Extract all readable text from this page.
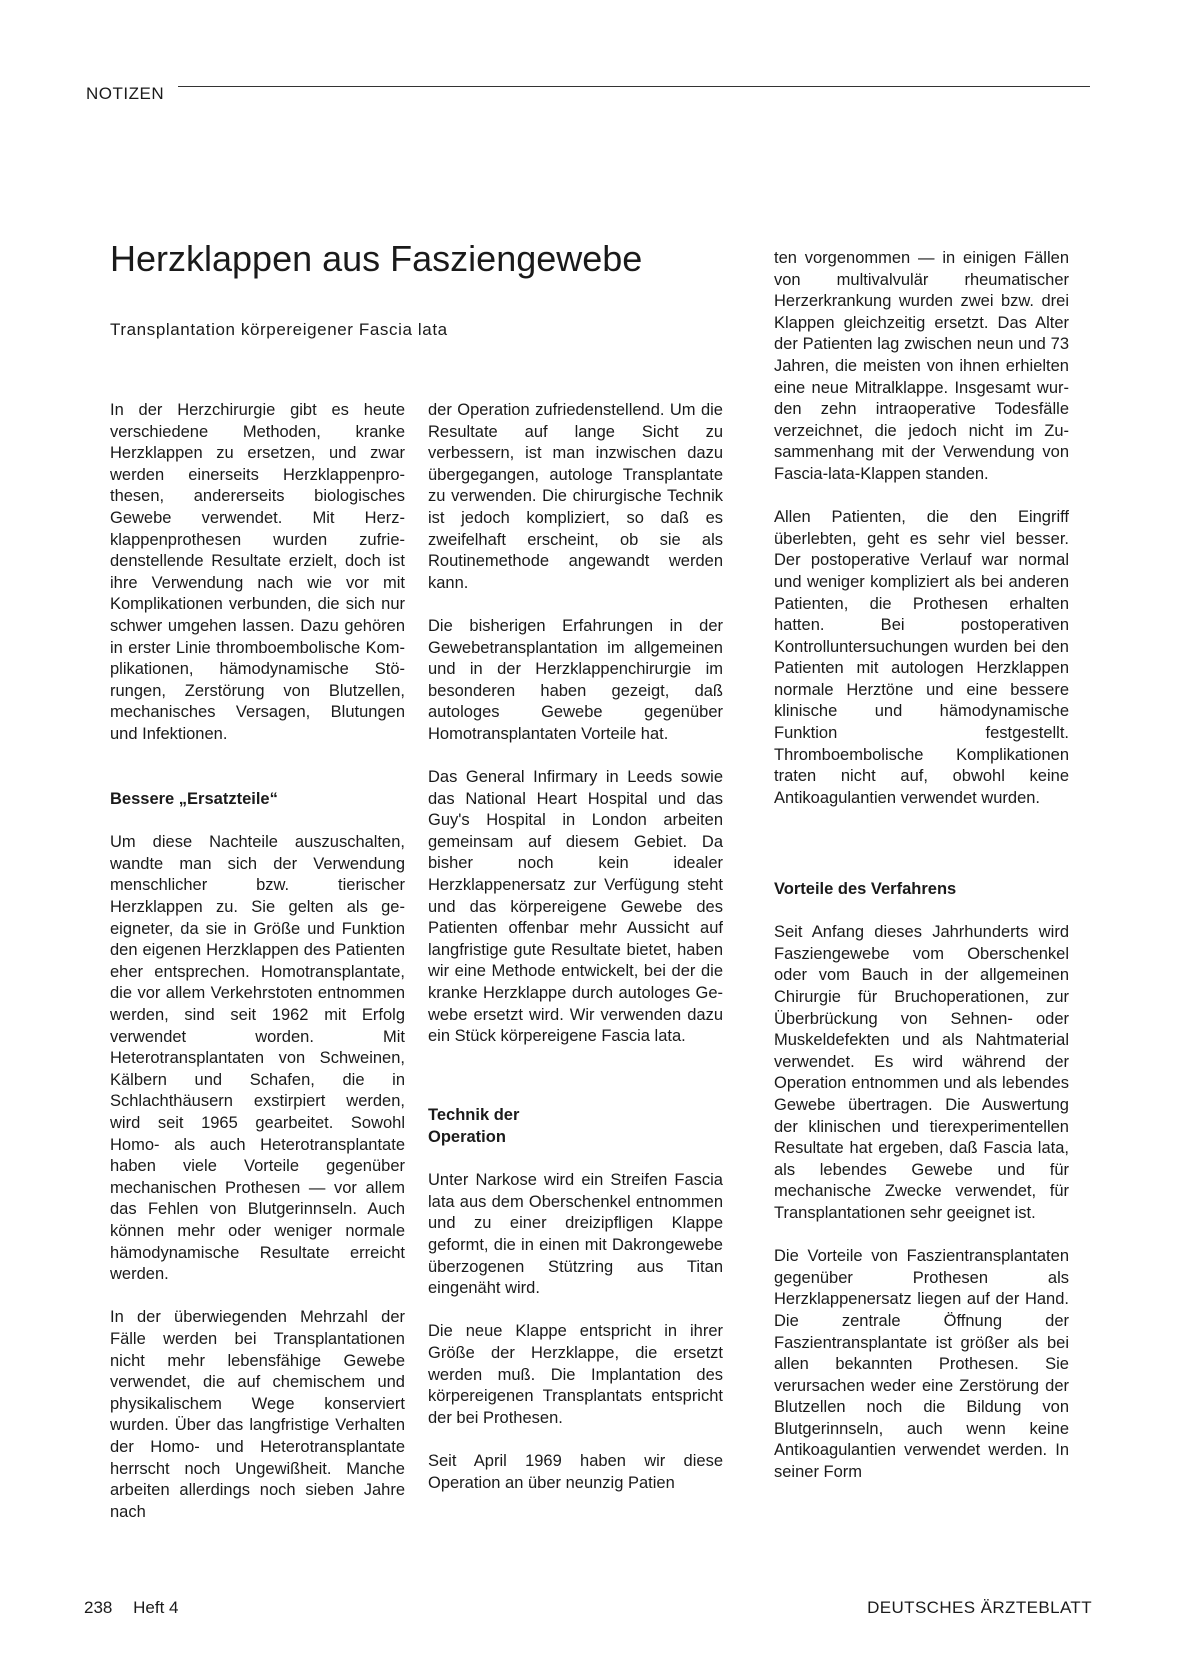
NOTIZEN
Herzklappen aus Fasziengewebe

Transplantation körpereigener Fascia lata

In der Herzchirurgie gibt es heute verschiedene Methoden, kranke Herzklappen zu ersetzen, und zwar werden einerseits Herzklappenprothesen, andererseits biologisches Gewebe verwendet. Mit Herzklappenprothesen wurden zufriedenstellende Resultate erzielt, doch ist ihre Verwendung nach wie vor mit Komplikationen verbunden, die sich nur schwer umgehen lassen. Dazu gehören in erster Linie thromboembolische Komplikationen, hämodynamische Störungen, Zerstörung von Blutzellen, mechanisches Versagen, Blutungen und Infektionen.

Bessere „Ersatzteile“

Um diese Nachteile auszuschalten, wandte man sich der Verwendung menschlicher bzw. tierischer Herzklappen zu. Sie gelten als geeigneter, da sie in Größe und Funktion den eigenen Herzklappen des Patienten eher entsprechen. Homotransplantate, die vor allem Verkehrstoten entnommen werden, sind seit 1962 mit Erfolg verwendet worden. Mit Heterotransplantaten von Schweinen, Kälbern und Schafen, die in Schlachthäusern exstirpiert werden, wird seit 1965 gearbeitet. Sowohl Homo- als auch Heterotransplantate haben viele Vorteile gegenüber mechanischen Prothesen — vor allem das Fehlen von Blutgerinnseln. Auch können mehr oder weniger normale hämodynamische Resultate erreicht werden.

In der überwiegenden Mehrzahl der Fälle werden bei Transplantationen nicht mehr lebensfähige Gewebe verwendet, die auf chemischem und physikalischem Wege konserviert wurden. Über das langfristige Verhalten der Homo- und Heterotransplantate herrscht noch Ungewißheit. Manche arbeiten allerdings noch sieben Jahre nach

der Operation zufriedenstellend. Um die Resultate auf lange Sicht zu verbessern, ist man inzwischen dazu übergegangen, autologe Transplantate zu verwenden. Die chirurgische Technik ist jedoch kompliziert, so daß es zweifelhaft erscheint, ob sie als Routinemethode angewandt werden kann.

Die bisherigen Erfahrungen in der Gewebetransplantation im allgemeinen und in der Herzklappenchirurgie im besonderen haben gezeigt, daß autologes Gewebe gegenüber Homotransplantaten Vorteile hat.

Das General Infirmary in Leeds sowie das National Heart Hospital und das Guy's Hospital in London arbeiten gemeinsam auf diesem Gebiet. Da bisher noch kein idealer Herzklappenersatz zur Verfügung steht und das körpereigene Gewebe des Patienten offenbar mehr Aussicht auf langfristige gute Resultate bietet, haben wir eine Methode entwickelt, bei der die kranke Herzklappe durch autologes Gewebe ersetzt wird. Wir verwenden dazu ein Stück körpereigene Fascia lata.

Technik der
Operation

Unter Narkose wird ein Streifen Fascia lata aus dem Oberschenkel entnommen und zu einer dreizipfligen Klappe geformt, die in einen mit Dakrongewebe überzogenen Stützring aus Titan eingenäht wird.

Die neue Klappe entspricht in ihrer Größe der Herzklappe, die ersetzt werden muß. Die Implantation des körpereigenen Transplantats entspricht der bei Prothesen.

Seit April 1969 haben wir diese Operation an über neunzig Patien

ten vorgenommen — in einigen Fällen von multivalvulär rheumatischer Herzerkrankung wurden zwei bzw. drei Klappen gleichzeitig ersetzt. Das Alter der Patienten lag zwischen neun und 73 Jahren, die meisten von ihnen erhielten eine neue Mitralklappe. Insgesamt wurden zehn intraoperative Todesfälle verzeichnet, die jedoch nicht im Zusammenhang mit der Verwendung von Fascia-lata-Klappen standen.

Allen Patienten, die den Eingriff überlebten, geht es sehr viel besser. Der postoperative Verlauf war normal und weniger kompliziert als bei anderen Patienten, die Prothesen erhalten hatten. Bei postoperativen Kontrolluntersuchungen wurden bei den Patienten mit autologen Herzklappen normale Herztöne und eine bessere klinische und hämodynamische Funktion festgestellt. Thromboembolische Komplikationen traten nicht auf, obwohl keine Antikoagulantien verwendet wurden.

Vorteile des Verfahrens

Seit Anfang dieses Jahrhunderts wird Fasziengewebe vom Oberschenkel oder vom Bauch in der allgemeinen Chirurgie für Bruchoperationen, zur Überbrückung von Sehnen- oder Muskeldefekten und als Nahtmaterial verwendet. Es wird während der Operation entnommen und als lebendes Gewebe übertragen. Die Auswertung der klinischen und tierexperimentellen Resultate hat ergeben, daß Fascia lata, als lebendes Gewebe und für mechanische Zwecke verwendet, für Transplantationen sehr geeignet ist.

Die Vorteile von Faszientransplantaten gegenüber Prothesen als Herzklappenersatz liegen auf der Hand. Die zentrale Öffnung der Faszientransplantate ist größer als bei allen bekannten Prothesen. Sie verursachen weder eine Zerstörung der Blutzellen noch die Bildung von Blutgerinnseln, auch wenn keine Antikoagulantien verwendet werden. In seiner Form

238 Heft 4	DEUTSCHES ÄRZTEBLATT
